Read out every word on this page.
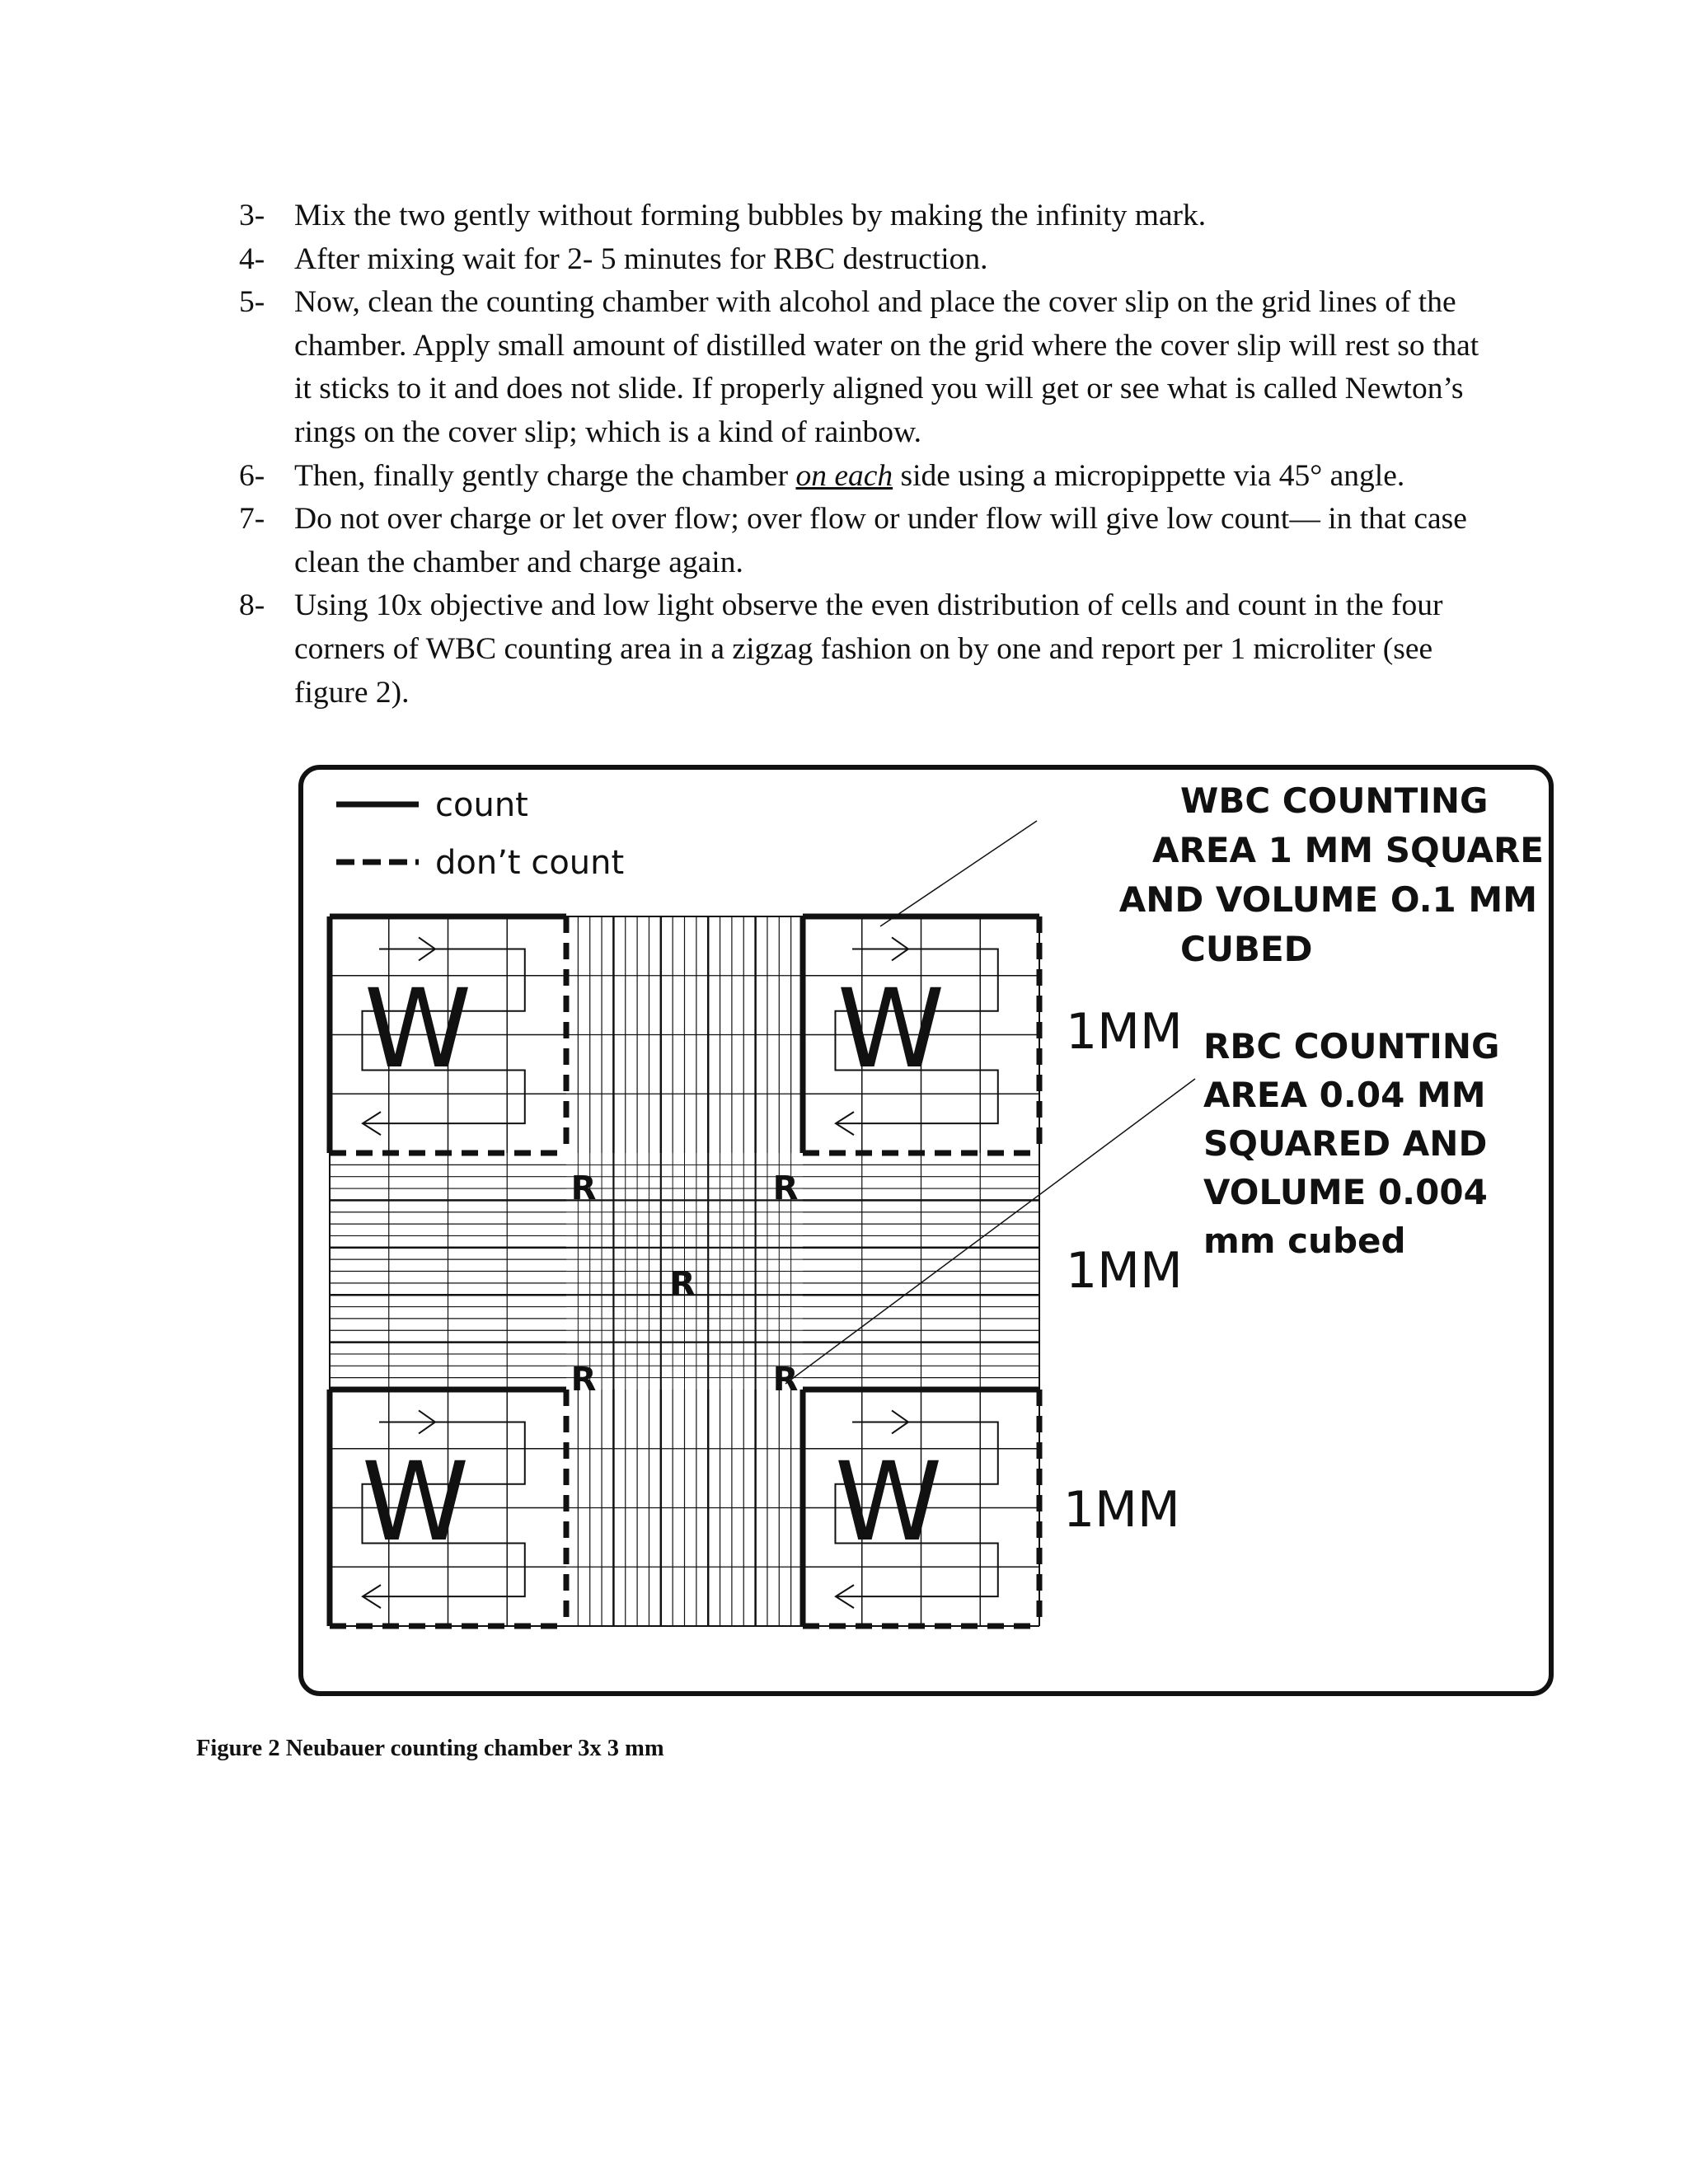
3- Mix the two gently without forming bubbles by making the infinity mark.
4- After mixing wait for 2- 5 minutes for RBC destruction.
5- Now, clean the counting chamber with alcohol and place the cover slip on the grid lines of the chamber. Apply small amount of distilled water on the grid where the cover slip will rest so that it sticks to it and does not slide. If properly aligned you will get or see what is called Newton’s rings on the cover slip; which is a kind of rainbow.
6- Then, finally gently charge the chamber on each side using a micropippette via 45° angle.
7- Do not over charge or let over flow; over flow or under flow will give low count— in that case clean the chamber and charge again.
8- Using 10x objective and low light observe the even distribution of cells and count in the four corners of WBC counting area in a zigzag fashion on by one and report per 1 microliter (see figure 2).
count
don’t count
W	W
W	W
R	R
R
R	R
WBC COUNTING
AREA 1 MM SQUARE
AND VOLUME O.1 MM
CUBED
RBC COUNTING
AREA 0.04 MM
SQUARED AND
VOLUME 0.004
mm cubed
1MM
1MM
1MM
Figure 2 Neubauer counting chamber 3x 3 mm
